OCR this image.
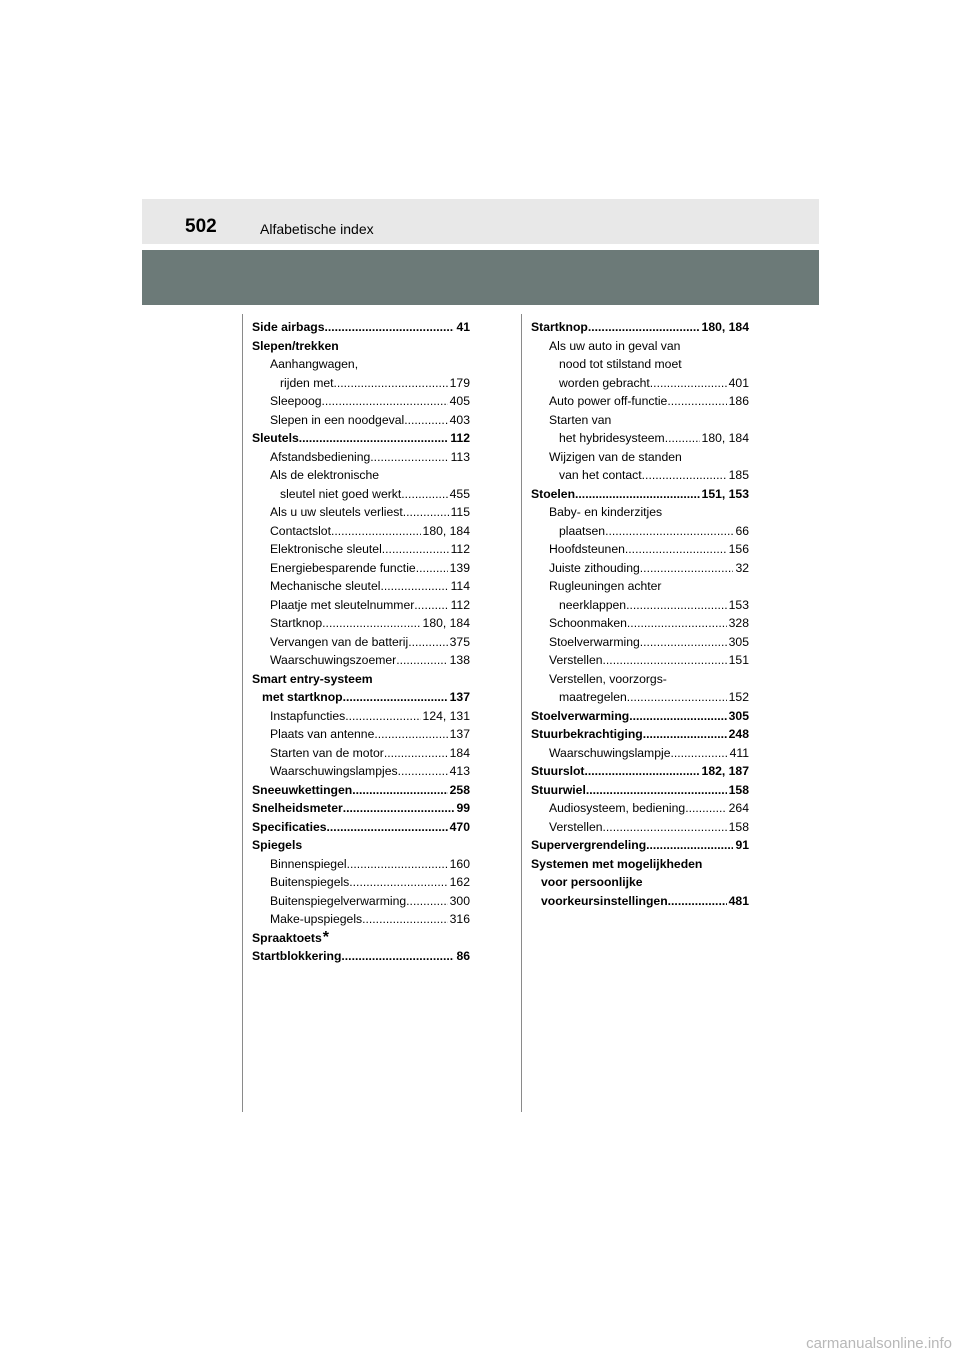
502	Alfabetische index
Side airbags .....	41
Slepen/trekken
Aanhangwagen,
rijden met .....	179
Sleepoog .....	405
Slepen in een noodgeval .....	403
Sleutels .....	112
Afstandsbediening .....	113
Als de elektronische
sleutel niet goed werkt .....	455
Als u uw sleutels verliest .....	115
Contactslot .....	180, 184
Elektronische sleutel .....	112
Energiebesparende functie .....	139
Mechanische sleutel .....	114
Plaatje met sleutelnummer .....	112
Startknop .....	180, 184
Vervangen van de batterij .....	375
Waarschuwingszoemer .....	138
Smart entry-systeem
met startknop .....	137
Instapfuncties .....	124, 131
Plaats van antenne .....	137
Starten van de motor .....	184
Waarschuwingslampjes .....	413
Sneeuwkettingen .....	258
Snelheidsmeter .....	99
Specificaties .....	470
Spiegels
Binnenspiegel .....	160
Buitenspiegels .....	162
Buitenspiegelverwarming .....	300
Make-upspiegels .....	316
Spraaktoets *
Startblokkering .....	86
Startknop .....	180, 184
Als uw auto in geval van
nood tot stilstand moet
worden gebracht .....	401
Auto power off-functie .....	186
Starten van
het hybridesysteem .....	180, 184
Wijzigen van de standen
van het contact .....	185
Stoelen .....	151, 153
Baby- en kinderzitjes
plaatsen .....	66
Hoofdsteunen .....	156
Juiste zithouding .....	32
Rugleuningen achter
neerklappen .....	153
Schoonmaken .....	328
Stoelverwarming .....	305
Verstellen .....	151
Verstellen, voorzorgs-
maatregelen .....	152
Stoelverwarming .....	305
Stuurbekrachtiging .....	248
Waarschuwingslampje .....	411
Stuurslot .....	182, 187
Stuurwiel .....	158
Audiosysteem, bediening .....	264
Verstellen .....	158
Supervergrendeling .....	91
Systemen met mogelijkheden
voor persoonlijke
voorkeursinstellingen .....	481
carmanualsonline.info
